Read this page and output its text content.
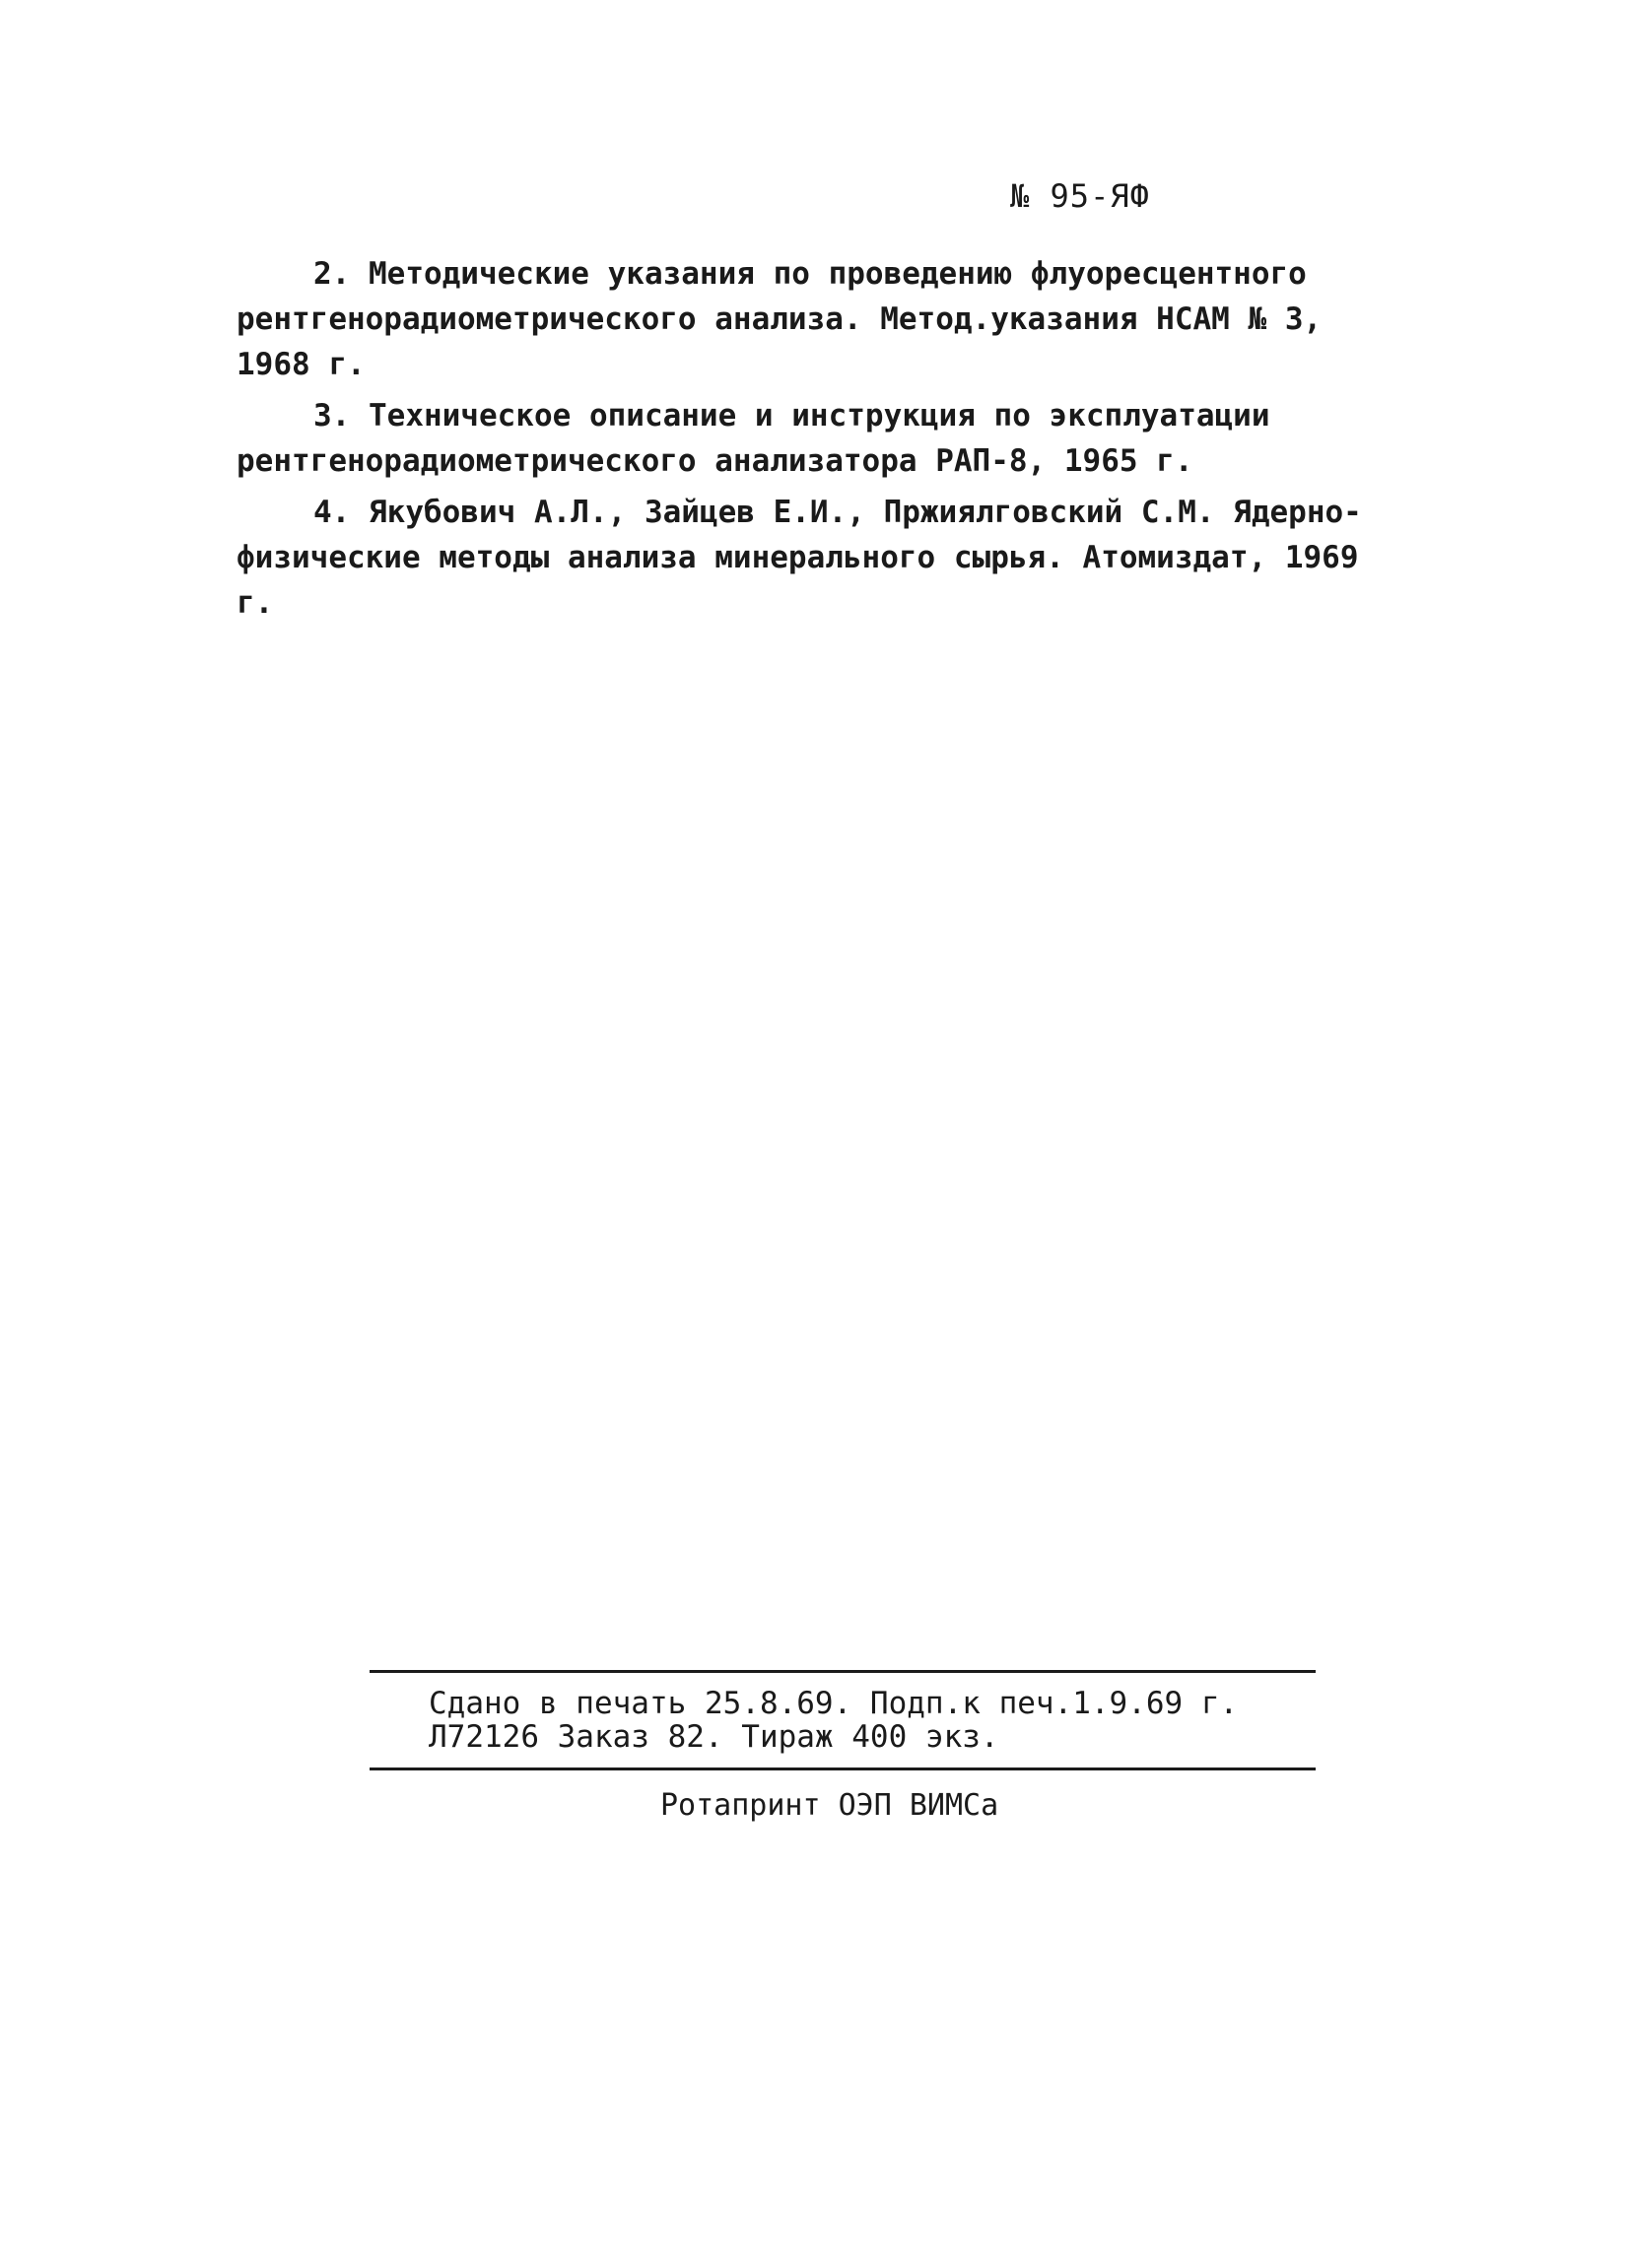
№ 95-ЯФ

2. Методические указания по проведению флуоресцентного рентгенорадиометрического анализа. Метод.указания НСАМ № 3, 1968 г.

3. Техническое описание и инструкция по эксплуатации рентгенорадиометрического анализатора РАП-8, 1965 г.

4. Якубович А.Л., Зайцев Е.И., Пржиялговский С.М. Ядерно-физические методы анализа минерального сырья. Атомиздат, 1969 г.

Сдано в печать 25.8.69. Подп.к печ.1.9.69 г.
Л72126 Заказ 82. Тираж 400 экз.
Ротапринт ОЭП ВИМСа
